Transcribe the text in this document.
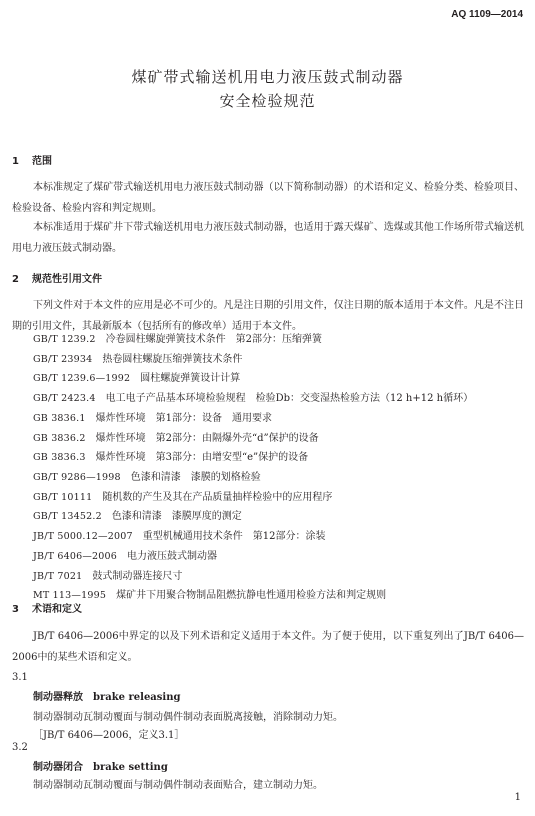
AQ 1109—2014
煤矿带式输送机用电力液压鼓式制动器
安全检验规范
1 范围
本标准规定了煤矿带式输送机用电力液压鼓式制动器（以下简称制动器）的术语和定义、检验分类、检验项目、检验设备、检验内容和判定规则。
本标准适用于煤矿井下带式输送机用电力液压鼓式制动器，也适用于露天煤矿、选煤或其他工作场所带式输送机用电力液压鼓式制动器。
2 规范性引用文件
下列文件对于本文件的应用是必不可少的。凡是注日期的引用文件，仅注日期的版本适用于本文件。凡是不注日期的引用文件，其最新版本（包括所有的修改单）适用于本文件。
GB/T 1239.2 冷卷圆柱螺旋弹簧技术条件　第2部分：压缩弹簧
GB/T 23934 热卷圆柱螺旋压缩弹簧技术条件
GB/T 1239.6—1992 圆柱螺旋弹簧设计计算
GB/T 2423.4 电工电子产品基本环境检验规程　检验Db：交变湿热检验方法（12 h+12 h循环）
GB 3836.1 爆炸性环境　第1部分：设备　通用要求
GB 3836.2 爆炸性环境　第2部分：由隔爆外壳“d”保护的设备
GB 3836.3 爆炸性环境　第3部分：由增安型“e”保护的设备
GB/T 9286—1998 色漆和清漆　漆膜的划格检验
GB/T 10111 随机数的产生及其在产品质量抽样检验中的应用程序
GB/T 13452.2 色漆和清漆　漆膜厚度的测定
JB/T 5000.12—2007 重型机械通用技术条件　第12部分：涂装
JB/T 6406—2006 电力液压鼓式制动器
JB/T 7021 鼓式制动器连接尺寸
MT 113—1995 煤矿井下用聚合物制品阻燃抗静电性通用检验方法和判定规则
3 术语和定义
JB/T 6406—2006中界定的以及下列术语和定义适用于本文件。为了便于使用，以下重复列出了JB/T 6406—2006中的某些术语和定义。
3.1
制动器释放 brake releasing
制动器制动瓦制动覆面与制动偶件制动表面脱离接触，消除制动力矩。
［JB/T 6406—2006，定义3.1］
3.2
制动器闭合 brake setting
制动器制动瓦制动覆面与制动偶件制动表面贴合，建立制动力矩。
1
